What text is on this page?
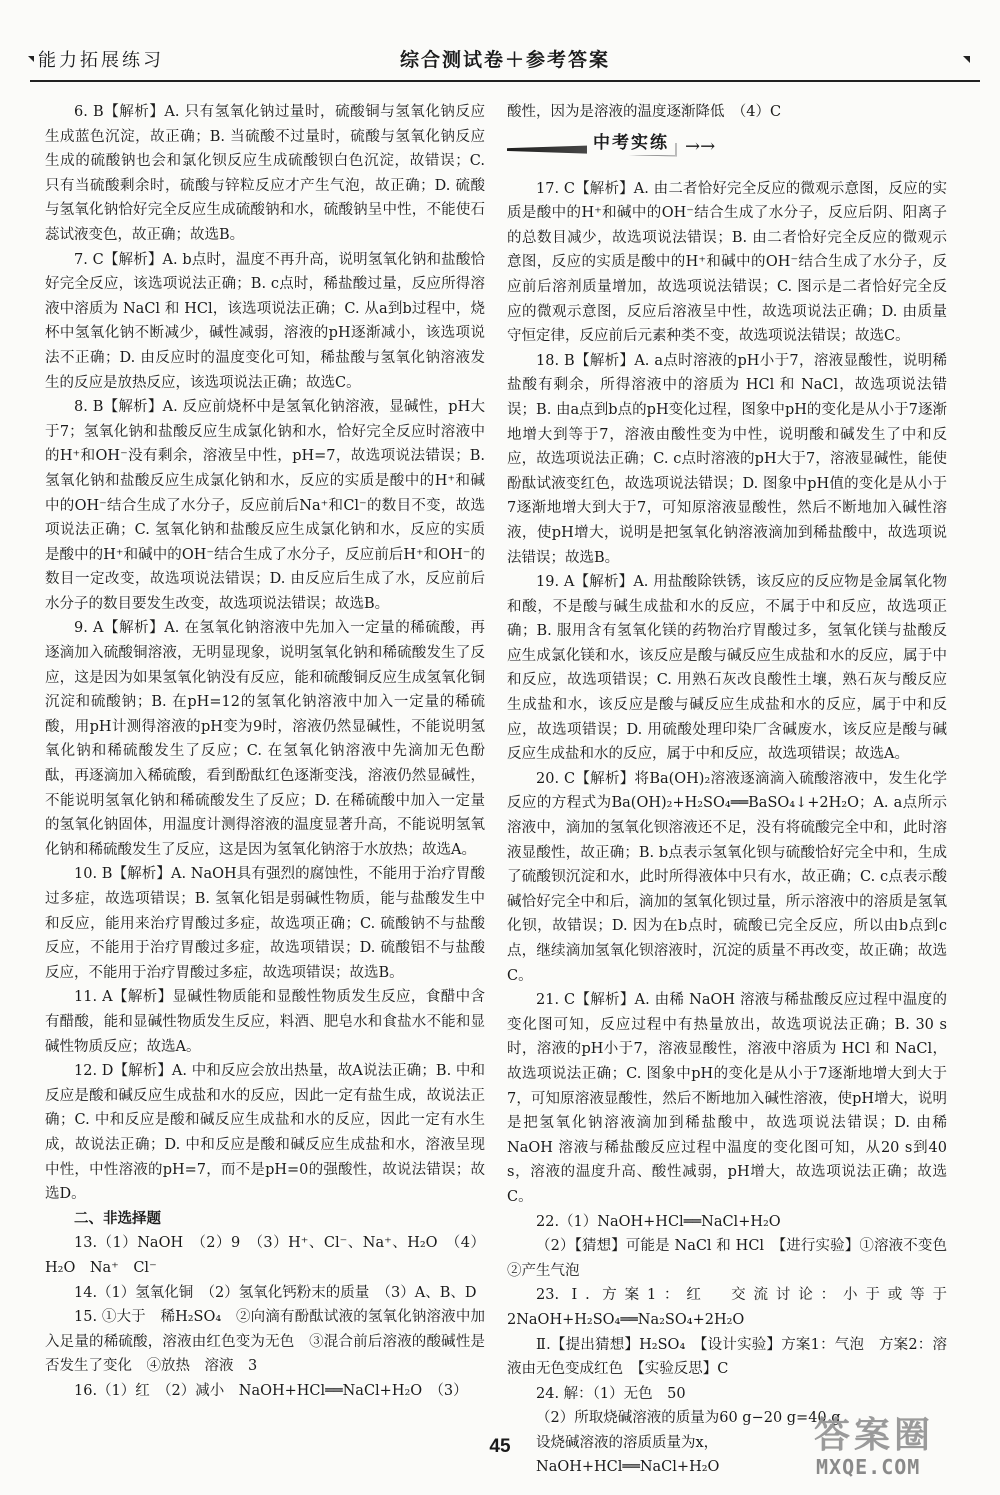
能力拓展练习	综合测试卷＋参考答案

6. B【解析】A. 只有氢氧化钠过量时，硫酸铜与氢氧化钠反应生成蓝色沉淀，故正确；B. 当硫酸不过量时，硫酸与氢氧化钠反应生成的硫酸钠也会和氯化钡反应生成硫酸钡白色沉淀，故错误；C. 只有当硫酸剩余时，硫酸与锌粒反应才产生气泡，故正确；D. 硫酸与氢氧化钠恰好完全反应生成硫酸钠和水，硫酸钠呈中性，不能使石蕊试液变色，故正确；故选B。

7. C【解析】A. b点时，温度不再升高，说明氢氧化钠和盐酸恰好完全反应，该选项说法正确；B. c点时，稀盐酸过量，反应所得溶液中溶质为 NaCl 和 HCl，该选项说法正确；C. 从a到b过程中，烧杯中氢氧化钠不断减少，碱性减弱，溶液的pH逐渐减小，该选项说法不正确；D. 由反应时的温度变化可知，稀盐酸与氢氧化钠溶液发生的反应是放热反应，该选项说法正确；故选C。

8. B【解析】A. 反应前烧杯中是氢氧化钠溶液，显碱性，pH大于7；氢氧化钠和盐酸反应生成氯化钠和水，恰好完全反应时溶液中的H⁺和OH⁻没有剩余，溶液呈中性，pH=7，故选项说法错误；B. 氢氧化钠和盐酸反应生成氯化钠和水，反应的实质是酸中的H⁺和碱中的OH⁻结合生成了水分子，反应前后Na⁺和Cl⁻的数目不变，故选项说法正确；C. 氢氧化钠和盐酸反应生成氯化钠和水，反应的实质是酸中的H⁺和碱中的OH⁻结合生成了水分子，反应前后H⁺和OH⁻的数目一定改变，故选项说法错误；D. 由反应后生成了水，反应前后水分子的数目要发生改变，故选项说法错误；故选B。

9. A【解析】A. 在氢氧化钠溶液中先加入一定量的稀硫酸，再逐滴加入硫酸铜溶液，无明显现象，说明氢氧化钠和稀硫酸发生了反应，这是因为如果氢氧化钠没有反应，能和硫酸铜反应生成氢氧化铜沉淀和硫酸钠；B. 在pH=12的氢氧化钠溶液中加入一定量的稀硫酸，用pH计测得溶液的pH变为9时，溶液仍然显碱性，不能说明氢氧化钠和稀硫酸发生了反应；C. 在氢氧化钠溶液中先滴加无色酚酞，再逐滴加入稀硫酸，看到酚酞红色逐渐变浅，溶液仍然显碱性，不能说明氢氧化钠和稀硫酸发生了反应；D. 在稀硫酸中加入一定量的氢氧化钠固体，用温度计测得溶液的温度显著升高，不能说明氢氧化钠和稀硫酸发生了反应，这是因为氢氧化钠溶于水放热；故选A。

10. B【解析】A. NaOH具有强烈的腐蚀性，不能用于治疗胃酸过多症，故选项错误；B. 氢氧化铝是弱碱性物质，能与盐酸发生中和反应，能用来治疗胃酸过多症，故选项正确；C. 硫酸钠不与盐酸反应，不能用于治疗胃酸过多症，故选项错误；D. 硫酸铝不与盐酸反应，不能用于治疗胃酸过多症，故选项错误；故选B。

11. A【解析】显碱性物质能和显酸性物质发生反应，食醋中含有醋酸，能和显碱性物质发生反应，料酒、肥皂水和食盐水不能和显碱性物质反应；故选A。

12. D【解析】A. 中和反应会放出热量，故A说法正确；B. 中和反应是酸和碱反应生成盐和水的反应，因此一定有盐生成，故说法正确；C. 中和反应是酸和碱反应生成盐和水的反应，因此一定有水生成，故说法正确；D. 中和反应是酸和碱反应生成盐和水，溶液呈现中性，中性溶液的pH=7，而不是pH=0的强酸性，故说法错误；故选D。

二、非选择题

13.（1）NaOH　（2）9　（3）H⁺、Cl⁻、Na⁺、H₂O　（4）H₂O　Na⁺　Cl⁻

14.（1）氢氧化铜　（2）氢氧化钙粉末的质量　（3）A、B、D

15. ①大于　稀H₂SO₄　②向滴有酚酞试液的氢氧化钠溶液中加入足量的稀硫酸，溶液由红色变为无色　③混合前后溶液的酸碱性是否发生了变化　④放热　溶液　3

16.（1）红　（2）减小　NaOH+HCl══NaCl+H₂O　（3）

酸性，因为是溶液的温度逐渐降低　（4）C

中考实练 →→

17. C【解析】A. 由二者恰好完全反应的微观示意图，反应的实质是酸中的H⁺和碱中的OH⁻结合生成了水分子，反应后阴、阳离子的总数目减少，故选项说法错误；B. 由二者恰好完全反应的微观示意图，反应的实质是酸中的H⁺和碱中的OH⁻结合生成了水分子，反应前后溶剂质量增加，故选项说法错误；C. 图示是二者恰好完全反应的微观示意图，反应后溶液呈中性，故选项说法正确；D. 由质量守恒定律，反应前后元素种类不变，故选项说法错误；故选C。

18. B【解析】A. a点时溶液的pH小于7，溶液显酸性，说明稀盐酸有剩余，所得溶液中的溶质为 HCl 和 NaCl，故选项说法错误；B. 由a点到b点的pH变化过程，图象中pH的变化是从小于7逐渐地增大到等于7，溶液由酸性变为中性，说明酸和碱发生了中和反应，故选项说法正确；C. c点时溶液的pH大于7，溶液显碱性，能使酚酞试液变红色，故选项说法错误；D. 图象中pH值的变化是从小于7逐渐地增大到大于7，可知原溶液显酸性，然后不断地加入碱性溶液，使pH增大，说明是把氢氧化钠溶液滴加到稀盐酸中，故选项说法错误；故选B。

19. A【解析】A. 用盐酸除铁锈，该反应的反应物是金属氧化物和酸，不是酸与碱生成盐和水的反应，不属于中和反应，故选项正确；B. 服用含有氢氧化镁的药物治疗胃酸过多，氢氧化镁与盐酸反应生成氯化镁和水，该反应是酸与碱反应生成盐和水的反应，属于中和反应，故选项错误；C. 用熟石灰改良酸性土壤，熟石灰与酸反应生成盐和水，该反应是酸与碱反应生成盐和水的反应，属于中和反应，故选项错误；D. 用硫酸处理印染厂含碱废水，该反应是酸与碱反应生成盐和水的反应，属于中和反应，故选项错误；故选A。

20. C【解析】将Ba(OH)₂溶液逐滴滴入硫酸溶液中，发生化学反应的方程式为Ba(OH)₂+H₂SO₄══BaSO₄↓+2H₂O；A. a点所示溶液中，滴加的氢氧化钡溶液还不足，没有将硫酸完全中和，此时溶液显酸性，故正确；B. b点表示氢氧化钡与硫酸恰好完全中和，生成了硫酸钡沉淀和水，此时所得液体中只有水，故正确；C. c点表示酸碱恰好完全中和后，滴加的氢氧化钡过量，所示溶液中的溶质是氢氧化钡，故错误；D. 因为在b点时，硫酸已完全反应，所以由b点到c点，继续滴加氢氧化钡溶液时，沉淀的质量不再改变，故正确；故选C。

21. C【解析】A. 由稀 NaOH 溶液与稀盐酸反应过程中温度的变化图可知，反应过程中有热量放出，故选项说法正确；B. 30 s时，溶液的pH小于7，溶液显酸性，溶液中溶质为 HCl 和 NaCl，故选项说法正确；C. 图象中pH的变化是从小于7逐渐地增大到大于7，可知原溶液显酸性，然后不断地加入碱性溶液，使pH增大，说明是把氢氧化钠溶液滴加到稀盐酸中，故选项说法错误；D. 由稀 NaOH 溶液与稀盐酸反应过程中温度的变化图可知，从20 s到40 s，溶液的温度升高、酸性减弱，pH增大，故选项说法正确；故选C。

22.（1）NaOH+HCl══NaCl+H₂O

（2）【猜想】可能是 NaCl 和 HCl　【进行实验】①溶液不变色　②产生气泡

23. Ⅰ. 方案1：红　交流讨论：小于或等于　2NaOH+H₂SO₄══Na₂SO₄+2H₂O

Ⅱ.【提出猜想】H₂SO₄　【设计实验】方案1：气泡　方案2：溶液由无色变成红色　【实验反思】C

24. 解：（1）无色　50

（2）所取烧碱溶液的质量为60 g−20 g=40 g

设烧碱溶液的溶质质量为x，

NaOH+HCl══NaCl+H₂O

45	答案圈
MXQE.COM
